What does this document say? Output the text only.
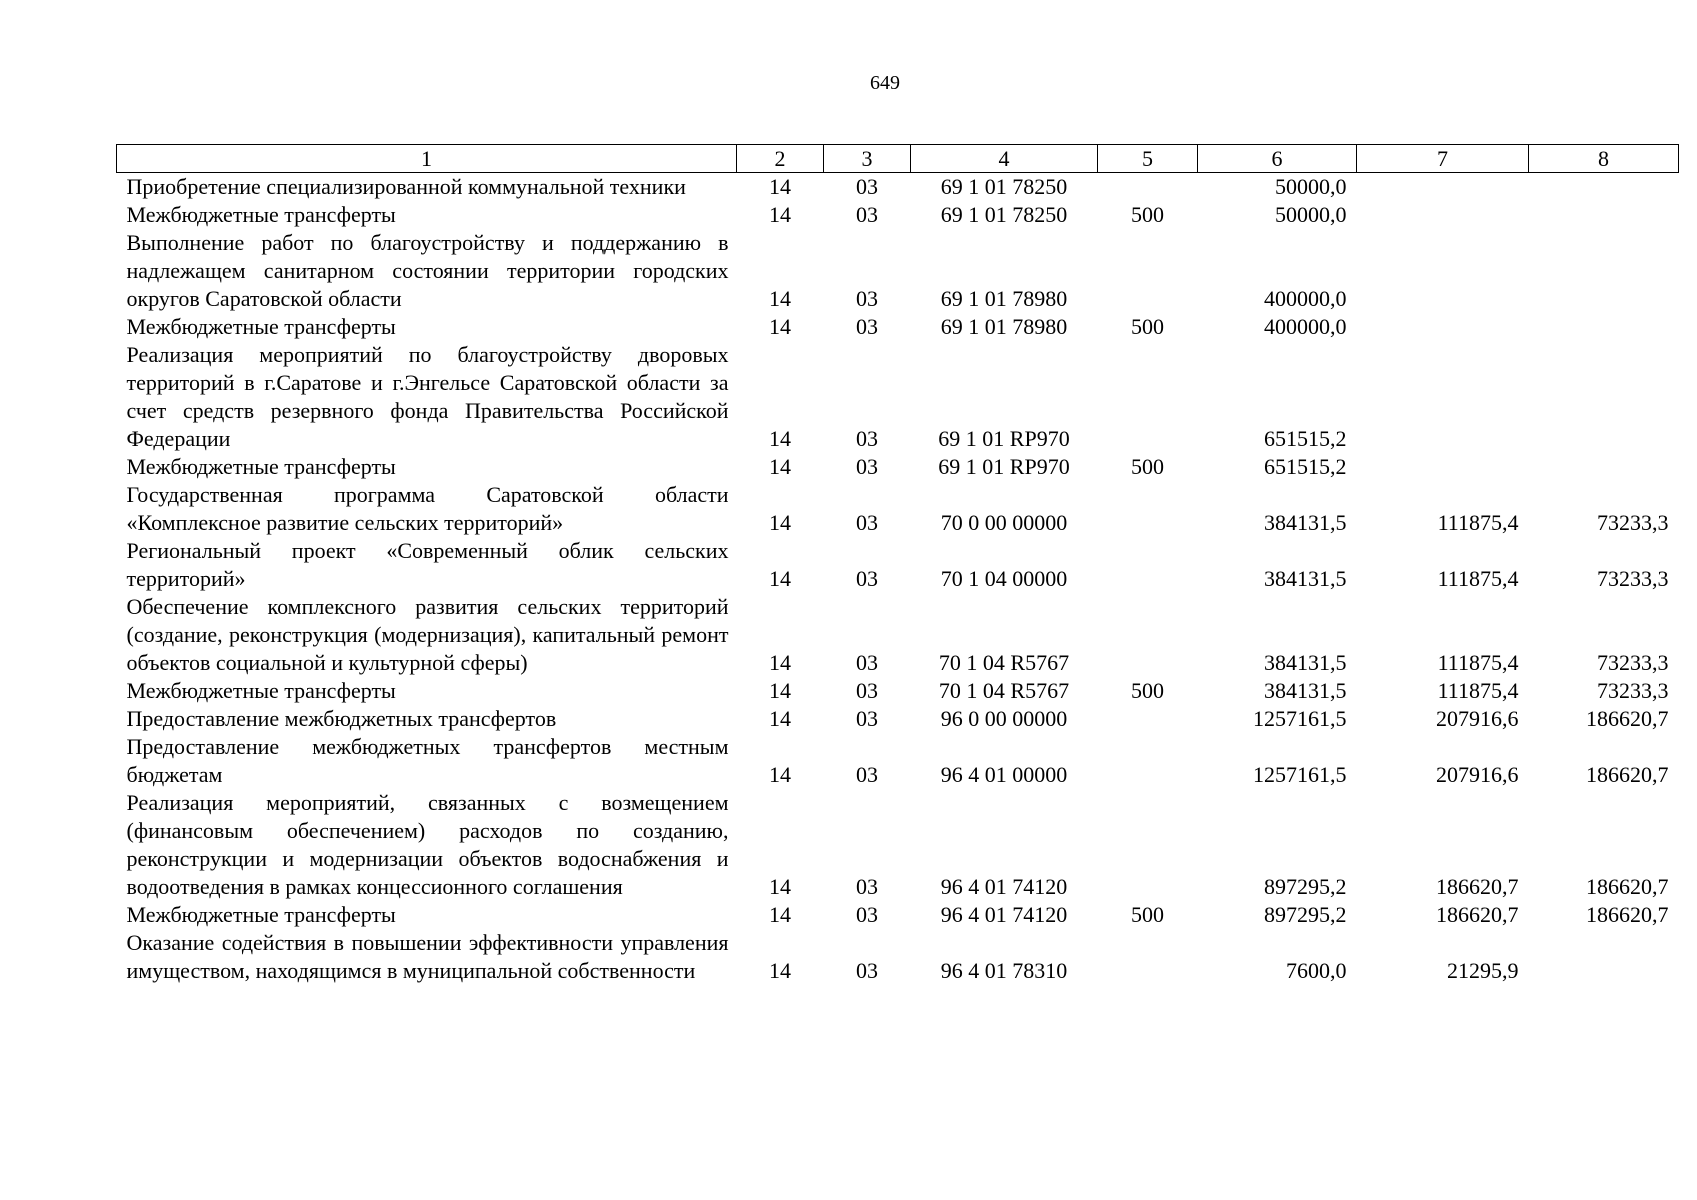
649
1	2	3	4	5	6	7	8
Приобретение специализированной коммунальной техники	14	03	69 1 01 78250		50000,0		
Межбюджетные трансферты	14	03	69 1 01 78250	500	50000,0		
Выполнение работ по благоустройству и поддержанию в надлежащем санитарном состоянии территории городских округов Саратовской области	14	03	69 1 01 78980		400000,0		
Межбюджетные трансферты	14	03	69 1 01 78980	500	400000,0		
Реализация мероприятий по благоустройству дворовых территорий в г.Саратове и г.Энгельсе Саратовской области за счет средств резервного фонда Правительства Российской Федерации	14	03	69 1 01 RP970		651515,2		
Межбюджетные трансферты	14	03	69 1 01 RP970	500	651515,2		
Государственная программа Саратовской области «Комплексное развитие сельских территорий»	14	03	70 0 00 00000		384131,5	111875,4	73233,3
Региональный проект «Современный облик сельских территорий»	14	03	70 1 04 00000		384131,5	111875,4	73233,3
Обеспечение комплексного развития сельских территорий (создание, реконструкция (модернизация), капитальный ремонт объектов социальной и культурной сферы)	14	03	70 1 04 R5767		384131,5	111875,4	73233,3
Межбюджетные трансферты	14	03	70 1 04 R5767	500	384131,5	111875,4	73233,3
Предоставление межбюджетных трансфертов	14	03	96 0 00 00000		1257161,5	207916,6	186620,7
Предоставление межбюджетных трансфертов местным бюджетам	14	03	96 4 01 00000		1257161,5	207916,6	186620,7
Реализация мероприятий, связанных с возмещением (финансовым обеспечением) расходов по созданию, реконструкции и модернизации объектов водоснабжения и водоотведения в рамках концессионного соглашения	14	03	96 4 01 74120		897295,2	186620,7	186620,7
Межбюджетные трансферты	14	03	96 4 01 74120	500	897295,2	186620,7	186620,7
Оказание содействия в повышении эффективности управления имуществом, находящимся в муниципальной собственности	14	03	96 4 01 78310		7600,0	21295,9	
